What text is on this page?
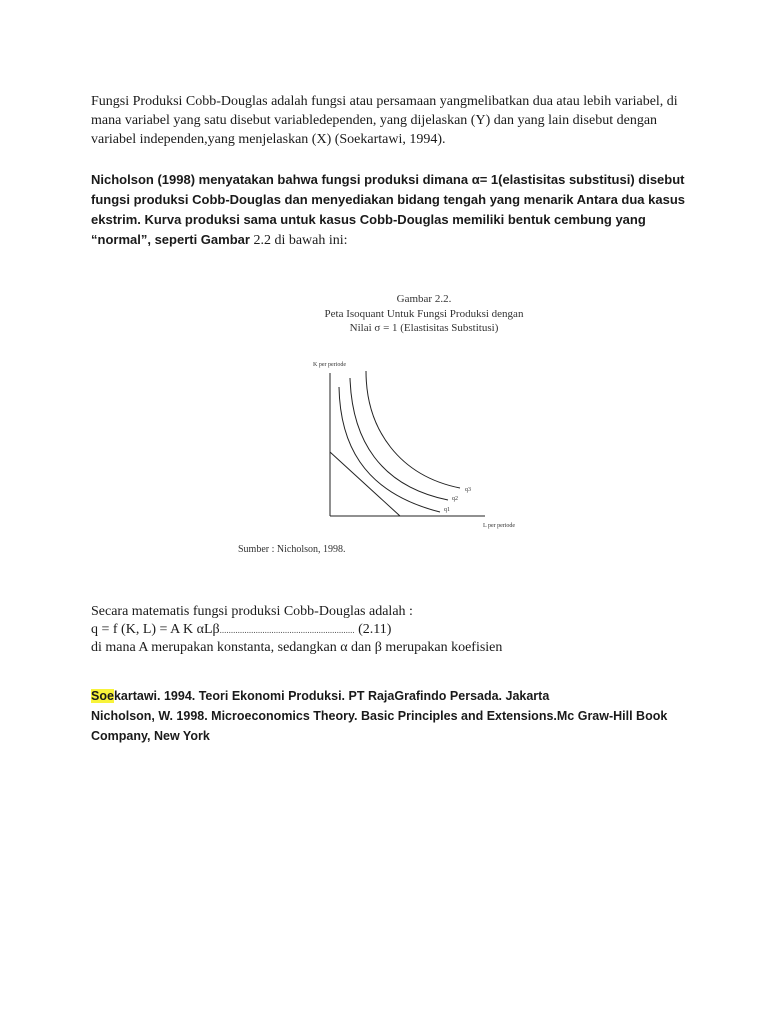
Fungsi Produksi Cobb-Douglas adalah fungsi atau persamaan yangmelibatkan dua atau lebih variabel, di mana variabel yang satu disebut variabledependen, yang dijelaskan (Y) dan yang lain disebut dengan variabel independen,yang menjelaskan (X) (Soekartawi, 1994).
Nicholson (1998) menyatakan bahwa fungsi produksi dimana α= 1(elastisitas substitusi) disebut fungsi produksi Cobb-Douglas dan menyediakan bidang tengah yang menarik Antara dua kasus ekstrim. Kurva produksi sama untuk kasus Cobb-Douglas memiliki bentuk cembung yang “normal”, seperti Gambar 2.2 di bawah ini:
Gambar 2.2.
Peta Isoquant Untuk Fungsi Produksi dengan
Nilai σ = 1 (Elastisitas Substitusi)
K per periode
L per periode
q3
q2
q1
Sumber : Nicholson, 1998.
Secara matematis fungsi produksi Cobb-Douglas adalah :
q = f (K, L) = A K αLβ............................................................ (2.11)
di mana A merupakan konstanta, sedangkan α dan β merupakan koefisien
Soekartawi. 1994. Teori Ekonomi Produksi. PT RajaGrafindo Persada. Jakarta
Nicholson, W. 1998. Microeconomics Theory. Basic Principles and Extensions.Mc Graw-Hill Book Company, New York
